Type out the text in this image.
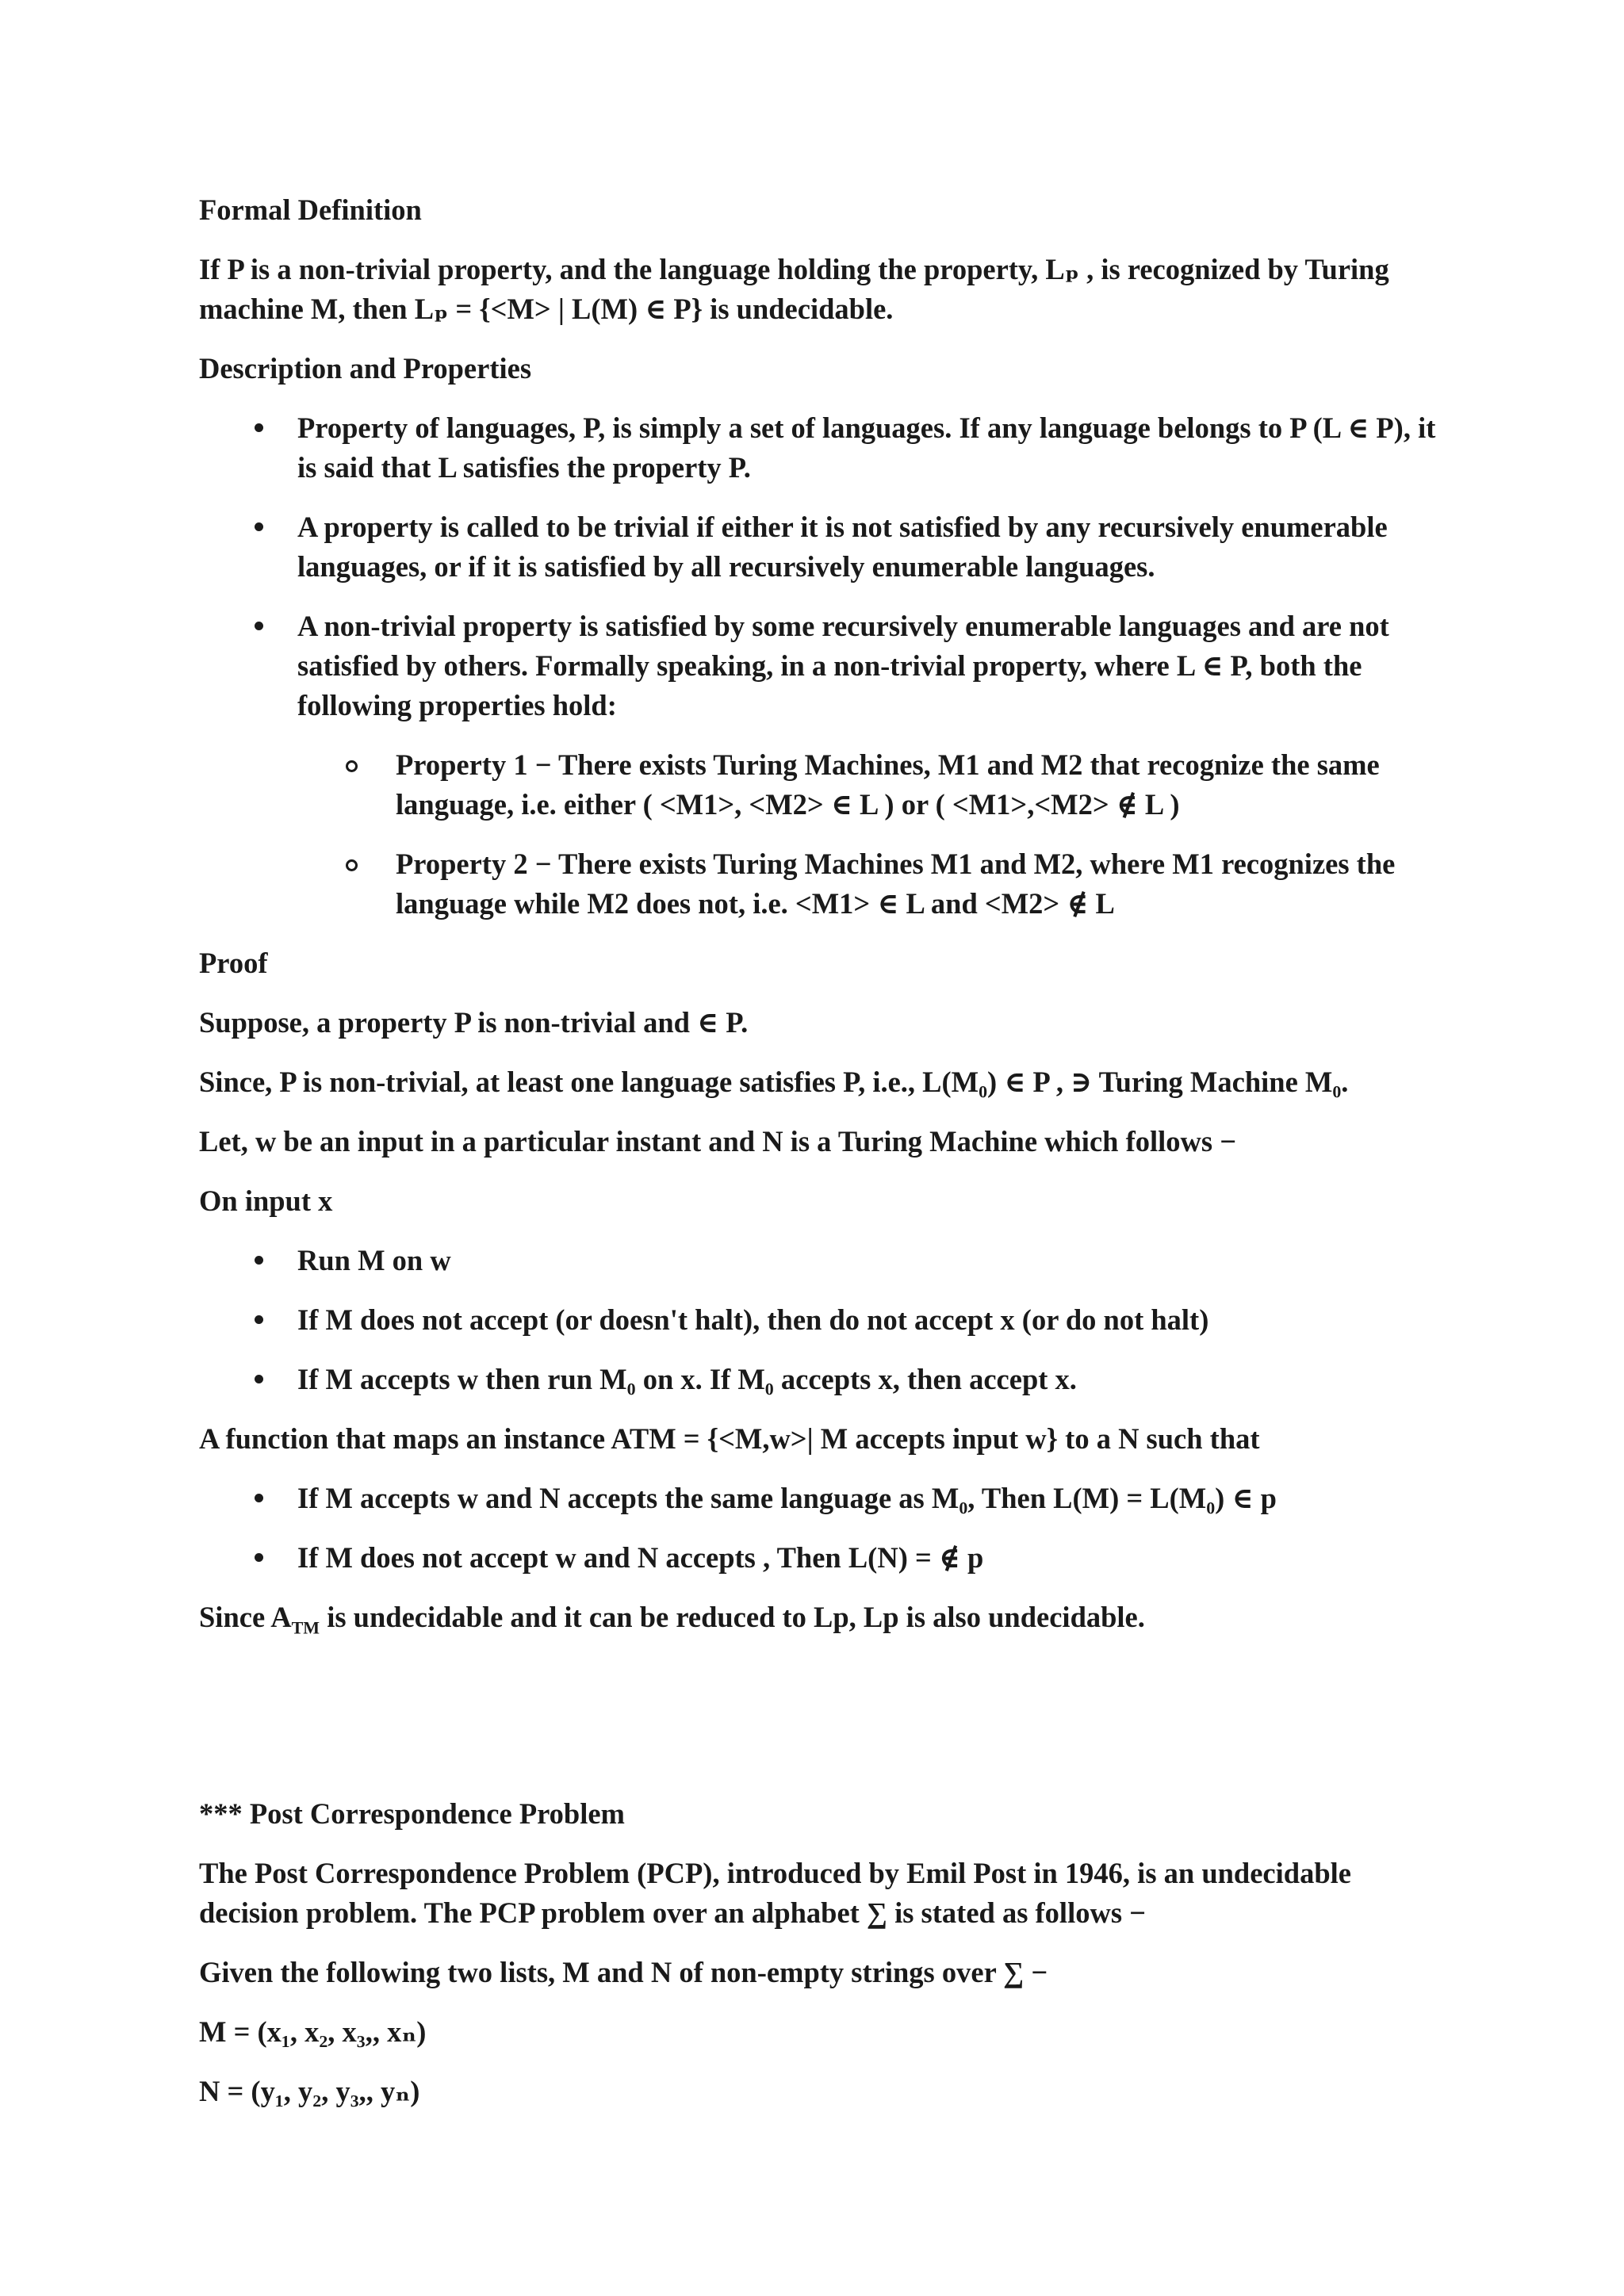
Formal Definition

If P is a non-trivial property, and the language holding the property, Lₚ , is recognized by Turing machine M, then Lₚ = {<M> | L(M) ∈ P} is undecidable.

Description and Properties
Property of languages, P, is simply a set of languages. If any language belongs to P (L ∈ P), it is said that L satisfies the property P.
A property is called to be trivial if either it is not satisfied by any recursively enumerable languages, or if it is satisfied by all recursively enumerable languages.
A non-trivial property is satisfied by some recursively enumerable languages and are not satisfied by others. Formally speaking, in a non-trivial property, where L ∈ P, both the following properties hold:
Property 1 − There exists Turing Machines, M1 and M2 that recognize the same language, i.e. either ( <M1>, <M2> ∈ L ) or ( <M1>,<M2> ∉ L )
Property 2 − There exists Turing Machines M1 and M2, where M1 recognizes the language while M2 does not, i.e. <M1> ∈ L and <M2> ∉ L
Proof

Suppose, a property P is non-trivial and ∈ P.

Since, P is non-trivial, at least one language satisfies P, i.e., L(M₀) ∈ P , ∋ Turing Machine M₀.

Let, w be an input in a particular instant and N is a Turing Machine which follows −

On input x

Run M on w
If M does not accept (or doesn't halt), then do not accept x (or do not halt)
If M accepts w then run M₀ on x. If M₀ accepts x, then accept x.

A function that maps an instance ATM = {<M,w>| M accepts input w} to a N such that

If M accepts w and N accepts the same language as M₀, Then L(M) = L(M₀) ∈ p
If M does not accept w and N accepts , Then L(N) = ∉ p

Since $A_{TM}$ is undecidable and it can be reduced to Lp, Lp is also undecidable.

*** Post Correspondence Problem

The Post Correspondence Problem (PCP), introduced by Emil Post in 1946, is an undecidable decision problem. The PCP problem over an alphabet ∑ is stated as follows −

Given the following two lists, M and N of non-empty strings over ∑ −

M = (x₁, x₂, x₃,, xₙ)

N = (y₁, y₂, y₃,, yₙ)
